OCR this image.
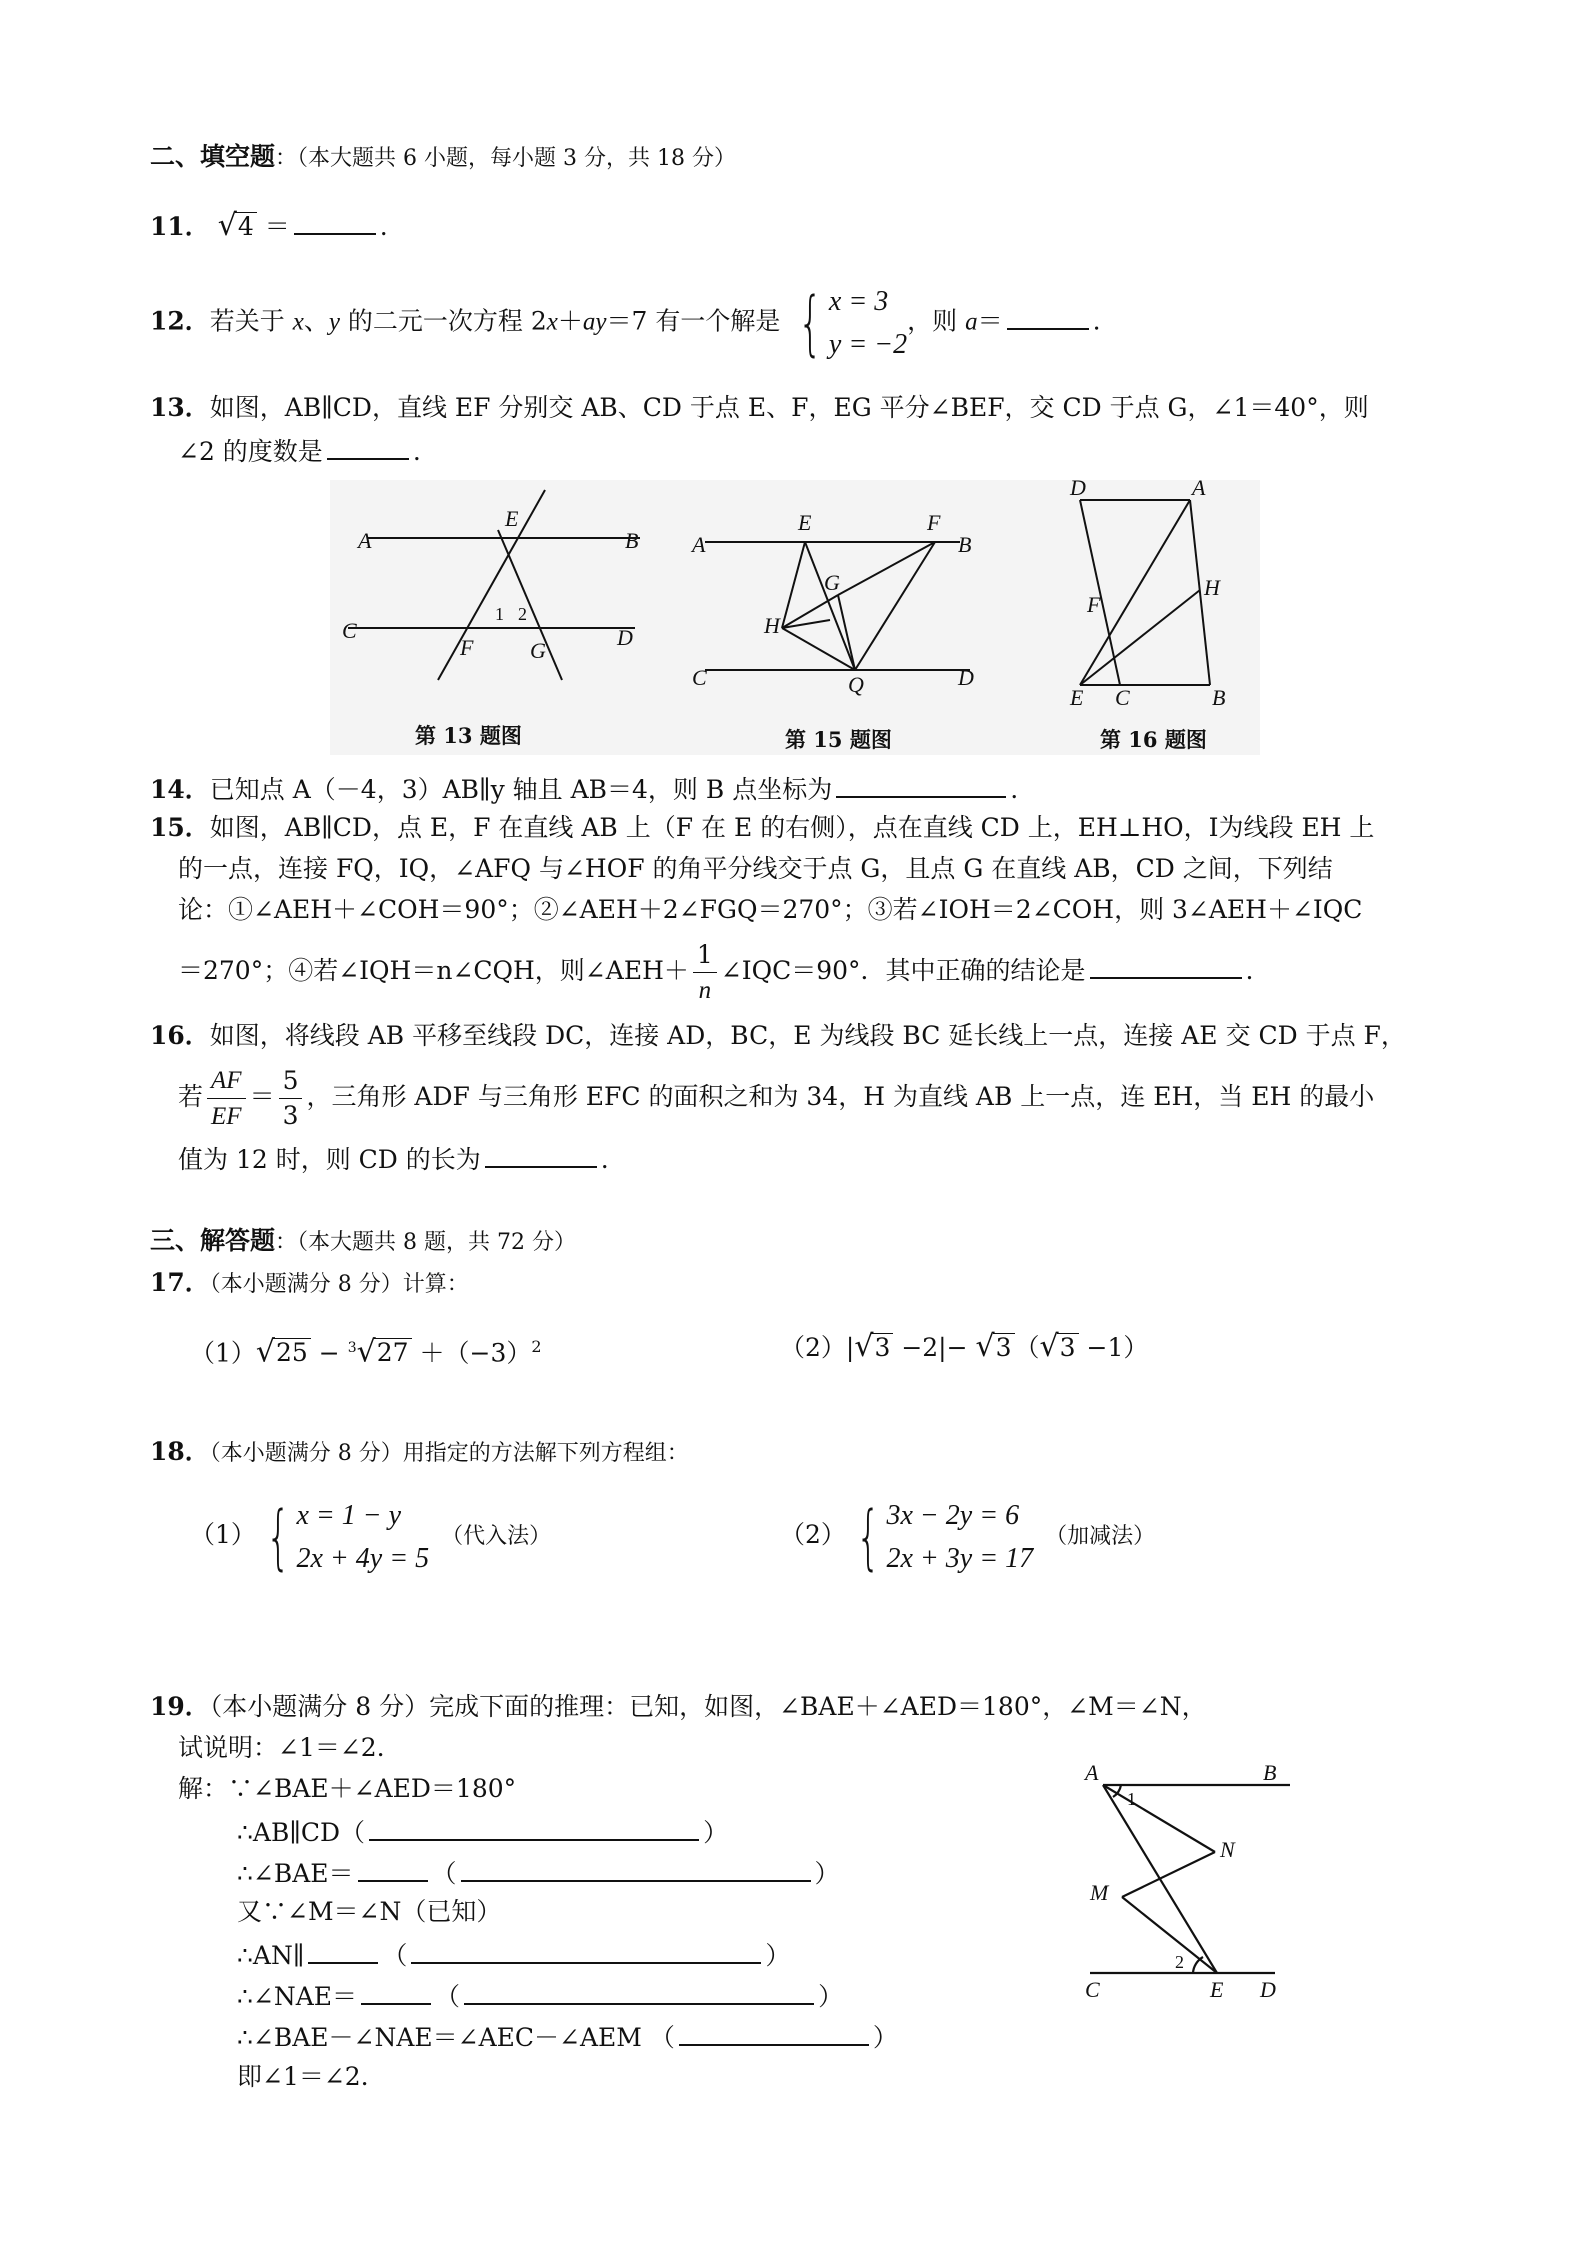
二、填空题：（本大题共 6 小题，每小题 3 分，共 18 分）
11． √4 ＝	.
12．若关于 x、y 的二元一次方程 2x＋ay＝7 有一个解是 { x = 3
y = −2
，则 a＝	.
13．如图，AB∥CD，直线 EF 分别交 AB、CD 于点 E、F，EG 平分∠BEF，交 CD 于点 G，∠1＝40°，则
∠2 的度数是	.
A	B
C	D
E
F	G
1 2
A	B
C	D
E	F
G
H
Q
D	A
F
H
E C	B
第 13 题图	第 15 题图	第 16 题图
14．已知点 A（－4，3）AB∥y 轴且 AB＝4，则 B 点坐标为	.
15．如图，AB∥CD，点 E，F 在直线 AB 上（F 在 E 的右侧），点在直线 CD 上，EH⊥HO，I为线段 EH 上
的一点，连接 FQ，IQ，∠AFQ 与∠HOF 的角平分线交于点 G，且点 G 在直线 AB，CD 之间，下列结
论：①∠AEH＋∠COH＝90°；②∠AEH＋2∠FGQ＝270°；③若∠IOH＝2∠COH，则 3∠AEH＋∠IQC
＝270°；④若∠IQH＝n∠CQH，则∠AEH＋ $\frac{1}{n}$ ∠IQC＝90°．其中正确的结论是	.
16．如图，将线段 AB 平移至线段 DC，连接 AD，BC，E 为线段 BC 延长线上一点，连接 AE 交 CD 于点 F，
若 $\frac{AF}{EF} = \frac{5}{3}$ ，三角形 ADF 与三角形 EFC 的面积之和为 34，H 为直线 AB 上一点，连 EH，当 EH 的最小
值为 12 时，则 CD 的长为	.
三、解答题：（本大题共 8 题，共 72 分）
17．（本小题满分 8 分）计算：
$(1)√25 - ^3√27 +(-3)^2$	（2）|√3 −2|− √3 （√3 −1）
18．（本小题满分 8 分）用指定的方法解下列方程组：
（1） { x = 1 − y
2x + 4y = 5
（代入法）	（2） { 3x − 2y = 6
2x + 3y = 17
（加减法）
19．（本小题满分 8 分）完成下面的推理：已知，如图，∠BAE＋∠AED＝180°，∠M＝∠N，
试说明：∠1＝∠2．
解：∵∠BAE＋∠AED＝180°
∴AB∥CD（	）
∴∠BAE＝	（	）
又∵∠M＝∠N（已知）
∴AN∥	（	）
∴∠NAE＝	（	）
∴∠BAE－∠NAE＝∠AEC－∠AEM （	）
即∠1＝∠2．
A	B
N
M
C	E D
1
2
